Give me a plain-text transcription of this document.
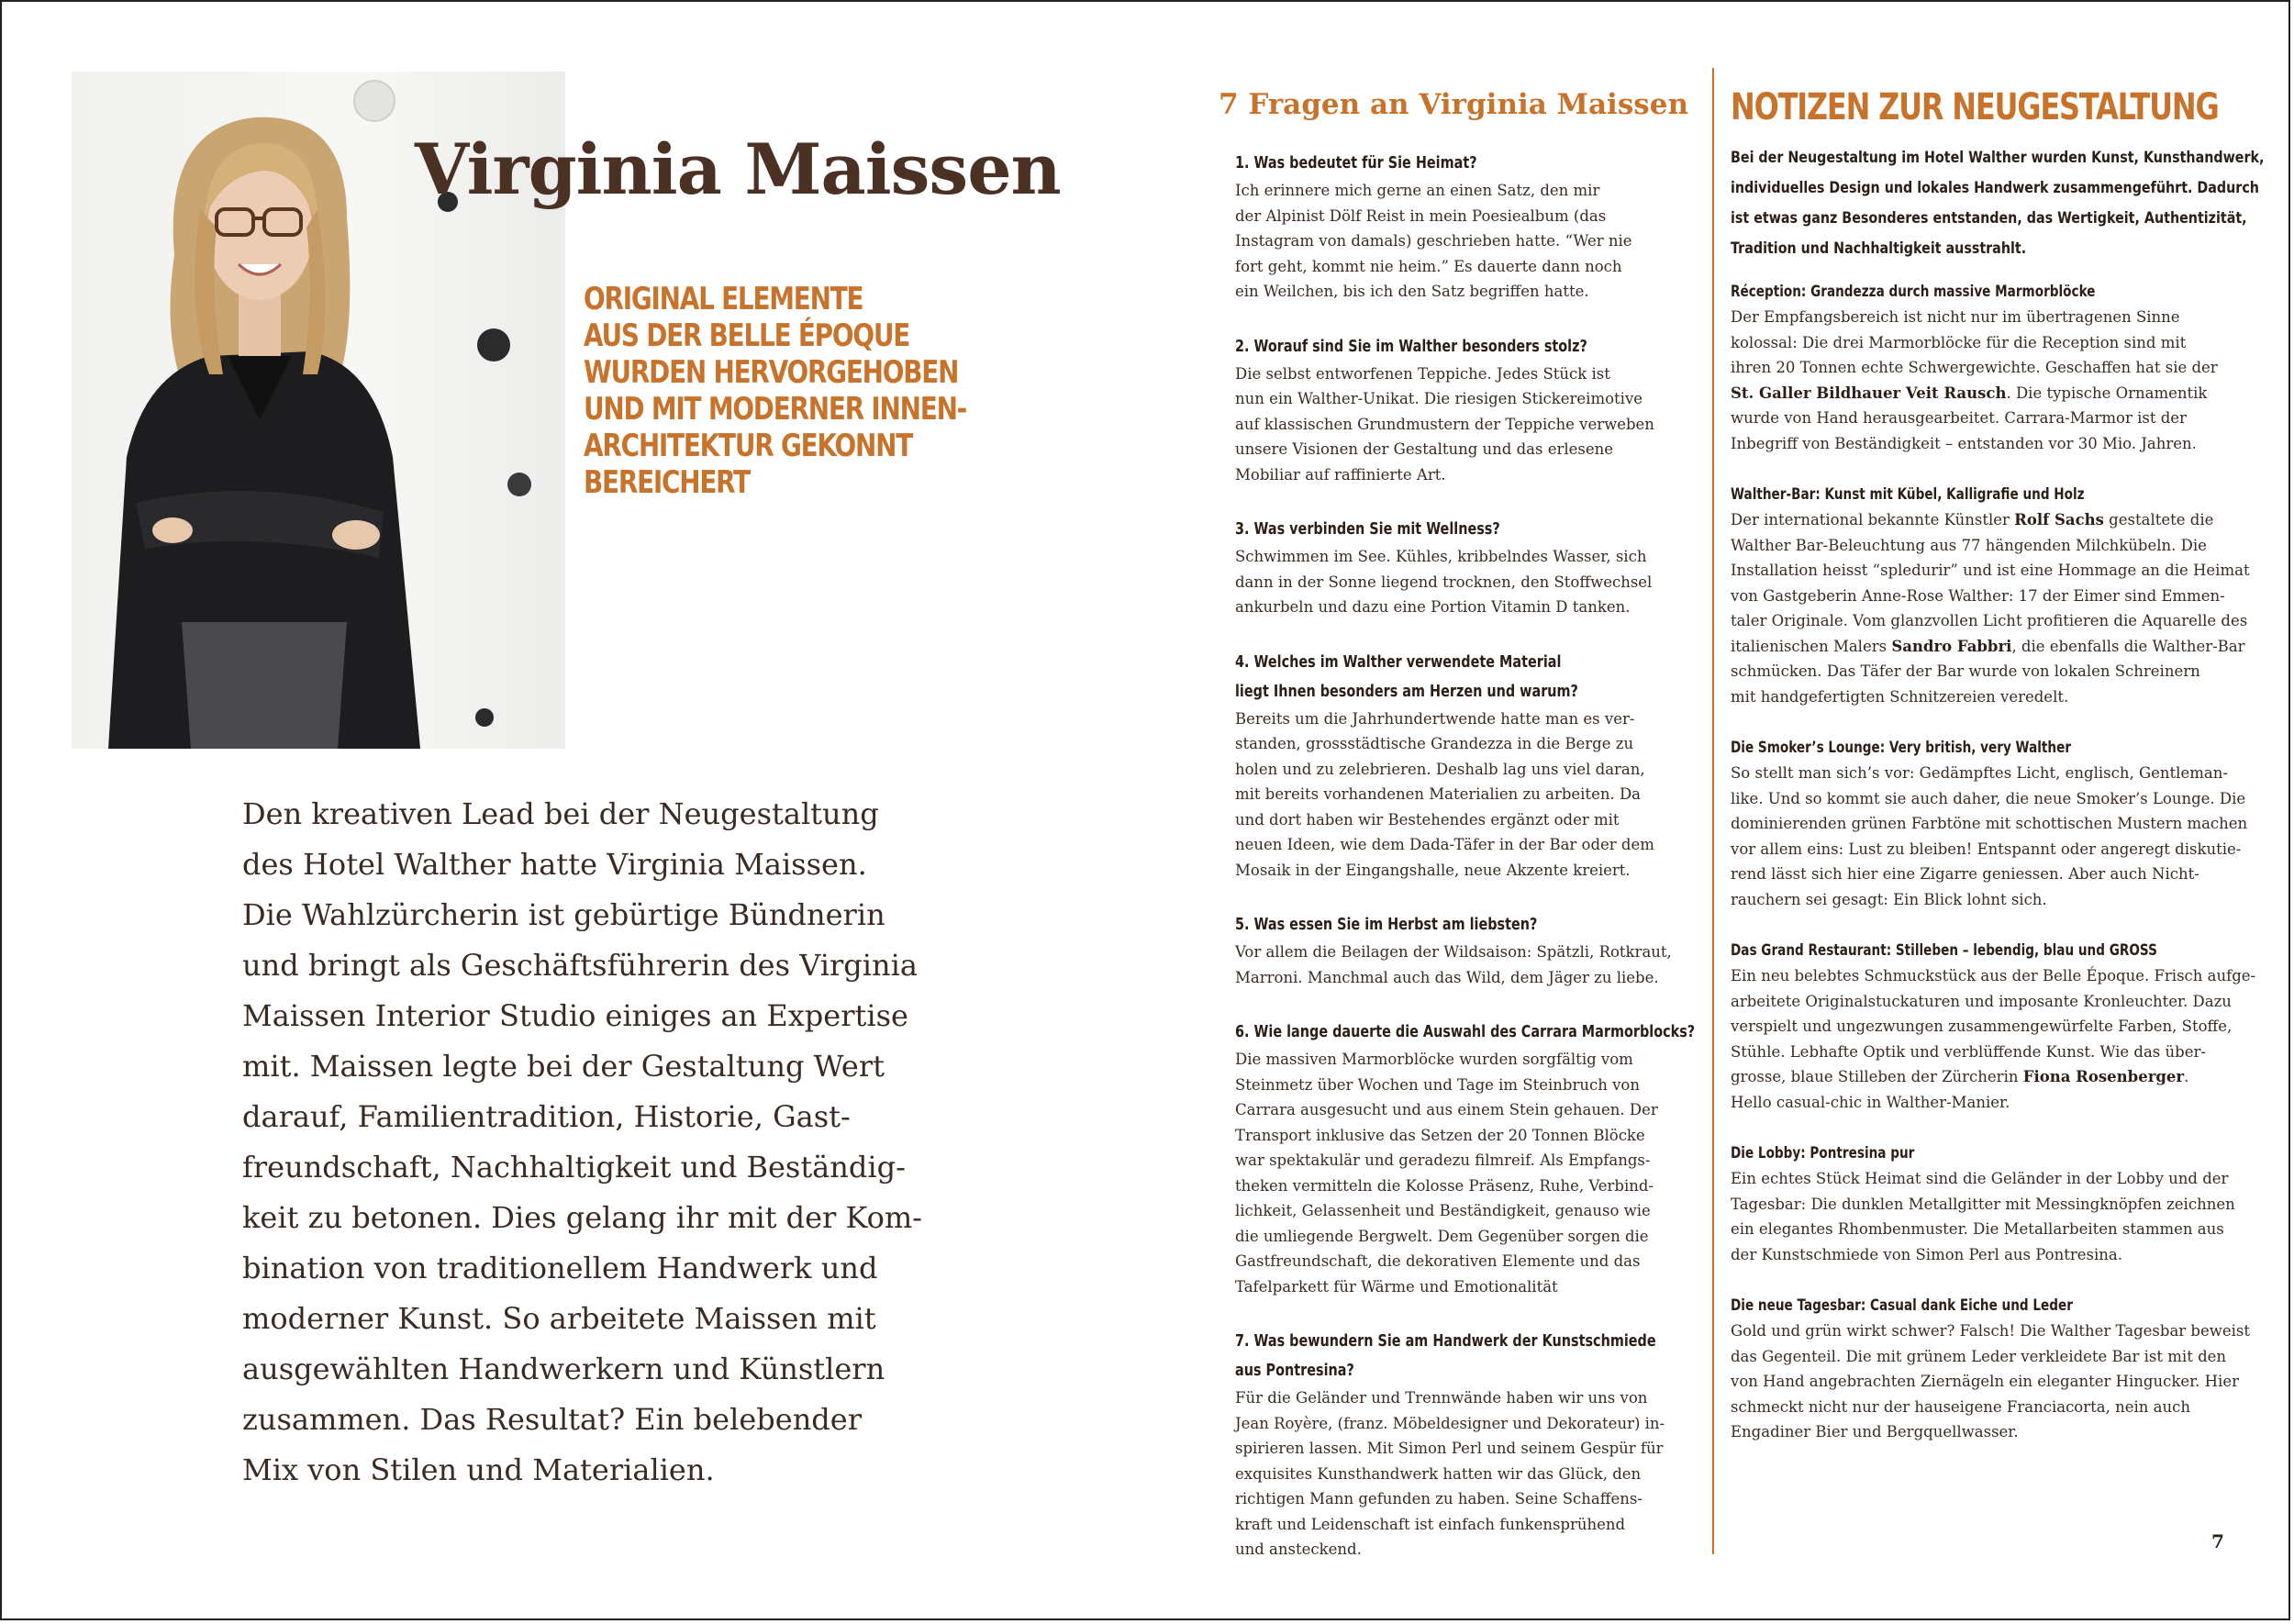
Virginia Maissen
ORIGINAL ELEMENTE
AUS DER BELLE ÉPOQUE
WURDEN HERVORGEHOBEN
UND MIT MODERNER INNEN-
ARCHITEKTUR GEKONNT
BEREICHERT
Den kreativen Lead bei der Neugestaltung
des Hotel Walther hatte Virginia Maissen.
Die Wahlzürcherin ist gebürtige Bündnerin
und bringt als Geschäftsführerin des Virginia
Maissen Interior Studio einiges an Expertise
mit. Maissen legte bei der Gestaltung Wert
darauf, Familientradition, Historie, Gast-
freundschaft, Nachhaltigkeit und Beständig-
keit zu betonen. Dies gelang ihr mit der Kom-
bination von traditionellem Handwerk und
moderner Kunst. So arbeitete Maissen mit
ausgewählten Handwerkern und Künstlern
zusammen. Das Resultat? Ein belebender
Mix von Stilen und Materialien.
7 Fragen an Virginia Maissen
1. Was bedeutet für Sie Heimat?
Ich erinnere mich gerne an einen Satz, den mir
der Alpinist Dölf Reist in mein Poesiealbum (das
Instagram von damals) geschrieben hatte. “Wer nie
fort geht, kommt nie heim.” Es dauerte dann noch
ein Weilchen, bis ich den Satz begriffen hatte.
2. Worauf sind Sie im Walther besonders stolz?
Die selbst entworfenen Teppiche. Jedes Stück ist
nun ein Walther-Unikat. Die riesigen Stickereimotive
auf klassischen Grundmustern der Teppiche verweben
unsere Visionen der Gestaltung und das erlesene
Mobiliar auf raffinierte Art.
3. Was verbinden Sie mit Wellness?
Schwimmen im See. Kühles, kribbelndes Wasser, sich
dann in der Sonne liegend trocknen, den Stoffwechsel
ankurbeln und dazu eine Portion Vitamin D tanken.
4. Welches im Walther verwendete Material
liegt Ihnen besonders am Herzen und warum?
Bereits um die Jahrhundertwende hatte man es ver-
standen, grossstädtische Grandezza in die Berge zu
holen und zu zelebrieren. Deshalb lag uns viel daran,
mit bereits vorhandenen Materialien zu arbeiten. Da
und dort haben wir Bestehendes ergänzt oder mit
neuen Ideen, wie dem Dada-Täfer in der Bar oder dem
Mosaik in der Eingangshalle, neue Akzente kreiert.
5. Was essen Sie im Herbst am liebsten?
Vor allem die Beilagen der Wildsaison: Spätzli, Rotkraut,
Marroni. Manchmal auch das Wild, dem Jäger zu liebe.
6. Wie lange dauerte die Auswahl des Carrara Marmorblocks?
Die massiven Marmorblöcke wurden sorgfältig vom
Steinmetz über Wochen und Tage im Steinbruch von
Carrara ausgesucht und aus einem Stein gehauen. Der
Transport inklusive das Setzen der 20 Tonnen Blöcke
war spektakulär und geradezu filmreif. Als Empfangs-
theken vermitteln die Kolosse Präsenz, Ruhe, Verbind-
lichkeit, Gelassenheit und Beständigkeit, genauso wie
die umliegende Bergwelt. Dem Gegenüber sorgen die
Gastfreundschaft, die dekorativen Elemente und das
Tafelparkett für Wärme und Emotionalität
7. Was bewundern Sie am Handwerk der Kunstschmiede
aus Pontresina?
Für die Geländer und Trennwände haben wir uns von
Jean Royère, (franz. Möbeldesigner und Dekorateur) in-
spirieren lassen. Mit Simon Perl und seinem Gespür für
exquisites Kunsthandwerk hatten wir das Glück, den
richtigen Mann gefunden zu haben. Seine Schaffens-
kraft und Leidenschaft ist einfach funkensprühend
und ansteckend.
NOTIZEN ZUR NEUGESTALTUNG
Bei der Neugestaltung im Hotel Walther wurden Kunst, Kunsthandwerk,
individuelles Design und lokales Handwerk zusammengeführt. Dadurch
ist etwas ganz Besonderes entstanden, das Wertigkeit, Authentizität,
Tradition und Nachhaltigkeit ausstrahlt.
Réception: Grandezza durch massive Marmorblöcke
Der Empfangsbereich ist nicht nur im übertragenen Sinne
kolossal: Die drei Marmorblöcke für die Reception sind mit
ihren 20 Tonnen echte Schwergewichte. Geschaffen hat sie der
St. Galler Bildhauer Veit Rausch. Die typische Ornamentik
wurde von Hand herausgearbeitet. Carrara-Marmor ist der
Inbegriff von Beständigkeit – entstanden vor 30 Mio. Jahren.
Walther-Bar: Kunst mit Kübel, Kalligrafie und Holz
Der international bekannte Künstler Rolf Sachs gestaltete die
Walther Bar-Beleuchtung aus 77 hängenden Milchkübeln. Die
Installation heisst “spledurir” und ist eine Hommage an die Heimat
von Gastgeberin Anne-Rose Walther: 17 der Eimer sind Emmen-
taler Originale. Vom glanzvollen Licht profitieren die Aquarelle des
italienischen Malers Sandro Fabbri, die ebenfalls die Walther-Bar
schmücken. Das Täfer der Bar wurde von lokalen Schreinern
mit handgefertigten Schnitzereien veredelt.
Die Smoker’s Lounge: Very british, very Walther
So stellt man sich’s vor: Gedämpftes Licht, englisch, Gentleman-
like. Und so kommt sie auch daher, die neue Smoker’s Lounge. Die
dominierenden grünen Farbtöne mit schottischen Mustern machen
vor allem eins: Lust zu bleiben! Entspannt oder angeregt diskutie-
rend lässt sich hier eine Zigarre geniessen. Aber auch Nicht-
rauchern sei gesagt: Ein Blick lohnt sich.
Das Grand Restaurant: Stilleben – lebendig, blau und GROSS
Ein neu belebtes Schmuckstück aus der Belle Époque. Frisch aufge-
arbeitete Originalstuckaturen und imposante Kronleuchter. Dazu
verspielt und ungezwungen zusammengewürfelte Farben, Stoffe,
Stühle. Lebhafte Optik und verblüffende Kunst. Wie das über-
grosse, blaue Stilleben der Zürcherin Fiona Rosenberger.
Hello casual-chic in Walther-Manier.
Die Lobby: Pontresina pur
Ein echtes Stück Heimat sind die Geländer in der Lobby und der
Tagesbar: Die dunklen Metallgitter mit Messingknöpfen zeichnen
ein elegantes Rhombenmuster. Die Metallarbeiten stammen aus
der Kunstschmiede von Simon Perl aus Pontresina.
Die neue Tagesbar: Casual dank Eiche und Leder
Gold und grün wirkt schwer? Falsch! Die Walther Tagesbar beweist
das Gegenteil. Die mit grünem Leder verkleidete Bar ist mit den
von Hand angebrachten Ziernägeln ein eleganter Hingucker. Hier
schmeckt nicht nur der hauseigene Franciacorta, nein auch
Engadiner Bier und Bergquellwasser.
7
